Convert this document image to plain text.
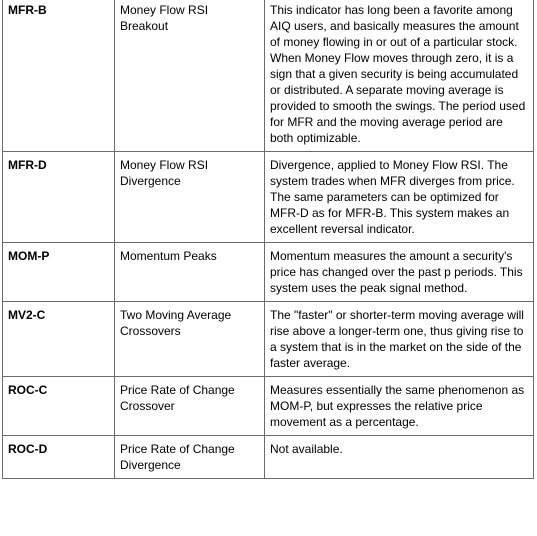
MFR-B	Money Flow RSI Breakout	This indicator has long been a favorite among AIQ users, and basically measures the amount of money flowing in or out of a particular stock. When Money Flow moves through zero, it is a sign that a given security is being accumulated or distributed. A separate moving average is provided to smooth the swings. The period used for MFR and the moving average period are both optimizable.
MFR-D	Money Flow RSI Divergence	Divergence, applied to Money Flow RSI. The system trades when MFR diverges from price. The same parameters can be optimized for MFR-D as for MFR-B. This system makes an excellent reversal indicator.
MOM-P	Momentum Peaks	Momentum measures the amount a security's price has changed over the past p periods. This system uses the peak signal method.
MV2-C	Two Moving Average Crossovers	The "faster" or shorter-term moving average will rise above a longer-term one, thus giving rise to a system that is in the market on the side of the faster average.
ROC-C	Price Rate of Change Crossover	Measures essentially the same phenomenon as MOM-P, but expresses the relative price movement as a percentage.
ROC-D	Price Rate of Change Divergence	Not available.
